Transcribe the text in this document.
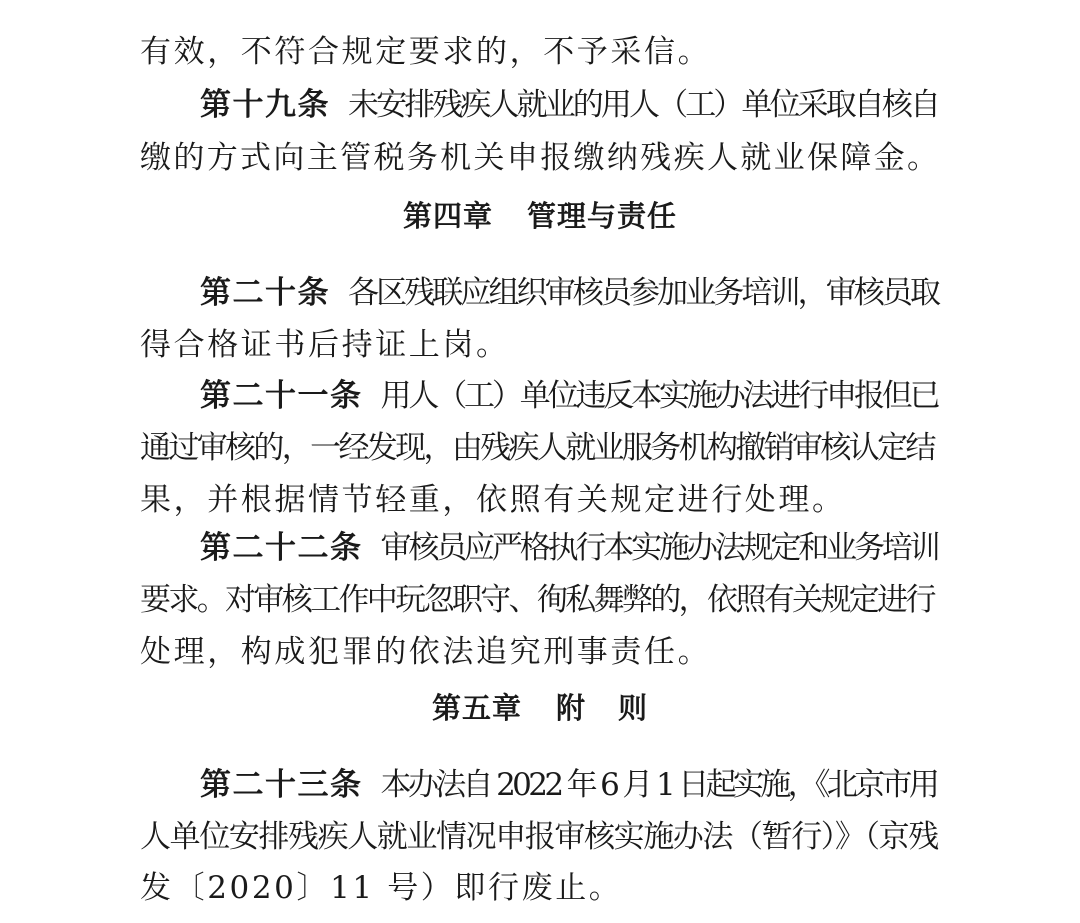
有效，不符合规定要求的，不予采信。
第十九条 未安排残疾人就业的用人（工）单位采取自核自
缴的方式向主管税务机关申报缴纳残疾人就业保障金。
第四章 管理与责任
第二十条 各区残联应组织审核员参加业务培训，审核员取
得合格证书后持证上岗。
第二十一条 用人（工）单位违反本实施办法进行申报但已
通过审核的，一经发现，由残疾人就业服务机构撤销审核认定结
果，并根据情节轻重，依照有关规定进行处理。
第二十二条 审核员应严格执行本实施办法规定和业务培训
要求。对审核工作中玩忽职守、徇私舞弊的，依照有关规定进行
处理，构成犯罪的依法追究刑事责任。
第五章 附 则
第二十三条 本办法自 2022 年 6 月 1 日起实施，《北京市用
人单位安排残疾人就业情况申报审核实施办法（暂行）》（京残
发〔2020〕11 号）即行废止。
